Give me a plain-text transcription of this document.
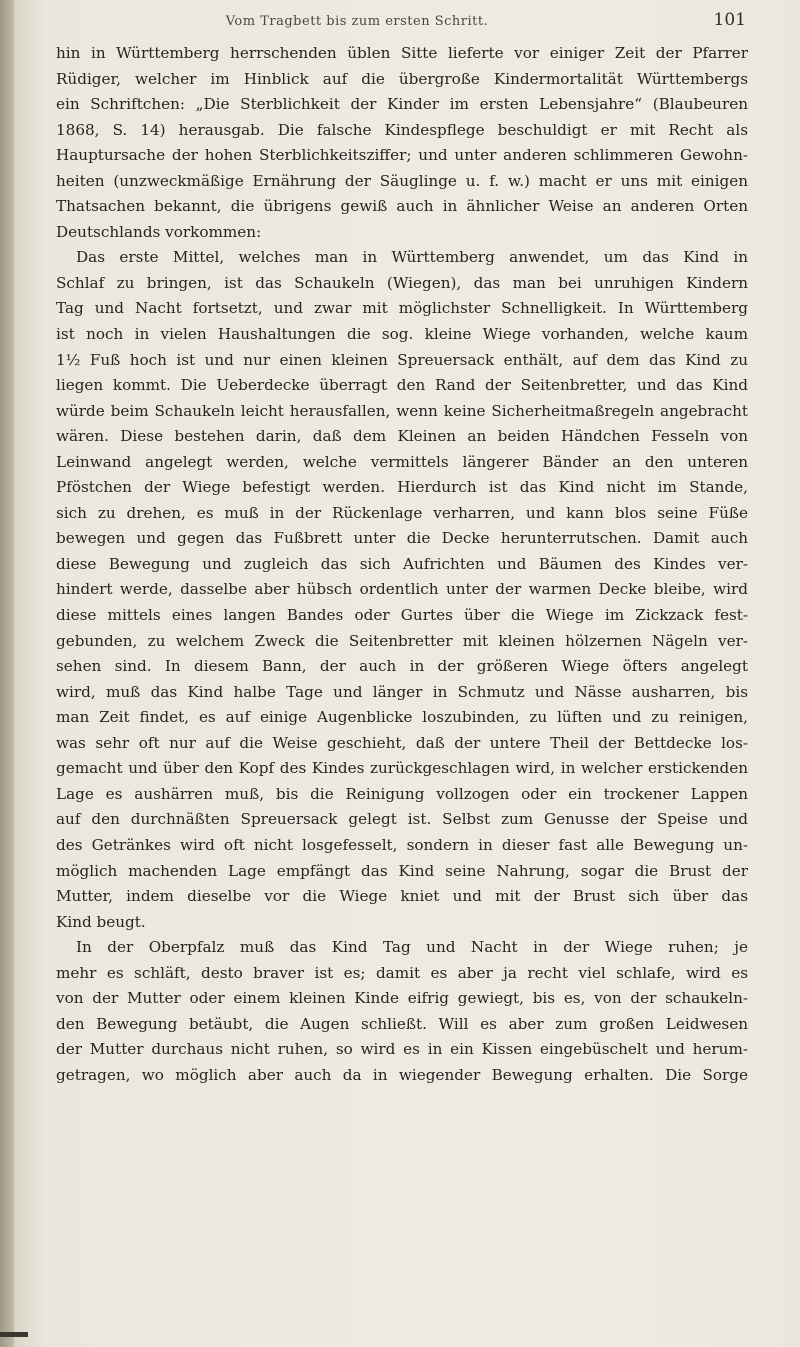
Vom Tragbett bis zum ersten Schritt.	101
hin in Württemberg herrschenden üblen Sitte lieferte vor einiger Zeit der Pfarrer
Rüdiger, welcher im Hinblick auf die übergroße Kindermortalität Württembergs
ein Schriftchen: „Die Sterblichkeit der Kinder im ersten Lebensjahre“ (Blaubeuren
1868, S. 14) herausgab. Die falsche Kindespflege beschuldigt er mit Recht als
Hauptursache der hohen Sterblichkeitsziffer; und unter anderen schlimmeren Gewohn-
heiten (unzweckmäßige Ernährung der Säuglinge u. f. w.) macht er uns mit einigen
Thatsachen bekannt, die übrigens gewiß auch in ähnlicher Weise an anderen Orten
Deutschlands vorkommen:
Das erste Mittel, welches man in Württemberg anwendet, um das Kind in
Schlaf zu bringen, ist das Schaukeln (Wiegen), das man bei unruhigen Kindern
Tag und Nacht fortsetzt, und zwar mit möglichster Schnelligkeit. In Württemberg
ist noch in vielen Haushaltungen die sog. kleine Wiege vorhanden, welche kaum
1½ Fuß hoch ist und nur einen kleinen Spreuersack enthält, auf dem das Kind zu
liegen kommt. Die Ueberdecke überragt den Rand der Seitenbretter, und das Kind
würde beim Schaukeln leicht herausfallen, wenn keine Sicherheitmaßregeln angebracht
wären. Diese bestehen darin, daß dem Kleinen an beiden Händchen Fesseln von
Leinwand angelegt werden, welche vermittels längerer Bänder an den unteren
Pföstchen der Wiege befestigt werden. Hierdurch ist das Kind nicht im Stande,
sich zu drehen, es muß in der Rückenlage verharren, und kann blos seine Füße
bewegen und gegen das Fußbrett unter die Decke herunterrutschen. Damit auch
diese Bewegung und zugleich das sich Aufrichten und Bäumen des Kindes ver-
hindert werde, dasselbe aber hübsch ordentlich unter der warmen Decke bleibe, wird
diese mittels eines langen Bandes oder Gurtes über die Wiege im Zickzack fest-
gebunden, zu welchem Zweck die Seitenbretter mit kleinen hölzernen Nägeln ver-
sehen sind. In diesem Bann, der auch in der größeren Wiege öfters angelegt
wird, muß das Kind halbe Tage und länger in Schmutz und Nässe ausharren, bis
man Zeit findet, es auf einige Augenblicke loszubinden, zu lüften und zu reinigen,
was sehr oft nur auf die Weise geschieht, daß der untere Theil der Bettdecke los-
gemacht und über den Kopf des Kindes zurückgeschlagen wird, in welcher erstickenden
Lage es aushärren muß, bis die Reinigung vollzogen oder ein trockener Lappen
auf den durchnäßten Spreuersack gelegt ist. Selbst zum Genusse der Speise und
des Getränkes wird oft nicht losgefesselt, sondern in dieser fast alle Bewegung un-
möglich machenden Lage empfängt das Kind seine Nahrung, sogar die Brust der
Mutter, indem dieselbe vor die Wiege kniet und mit der Brust sich über das
Kind beugt.
In der Oberpfalz muß das Kind Tag und Nacht in der Wiege ruhen; je
mehr es schläft, desto braver ist es; damit es aber ja recht viel schlafe, wird es
von der Mutter oder einem kleinen Kinde eifrig gewiegt, bis es, von der schaukeln-
den Bewegung betäubt, die Augen schließt. Will es aber zum großen Leidwesen
der Mutter durchaus nicht ruhen, so wird es in ein Kissen eingebüschelt und herum-
getragen, wo möglich aber auch da in wiegender Bewegung erhalten. Die Sorge
